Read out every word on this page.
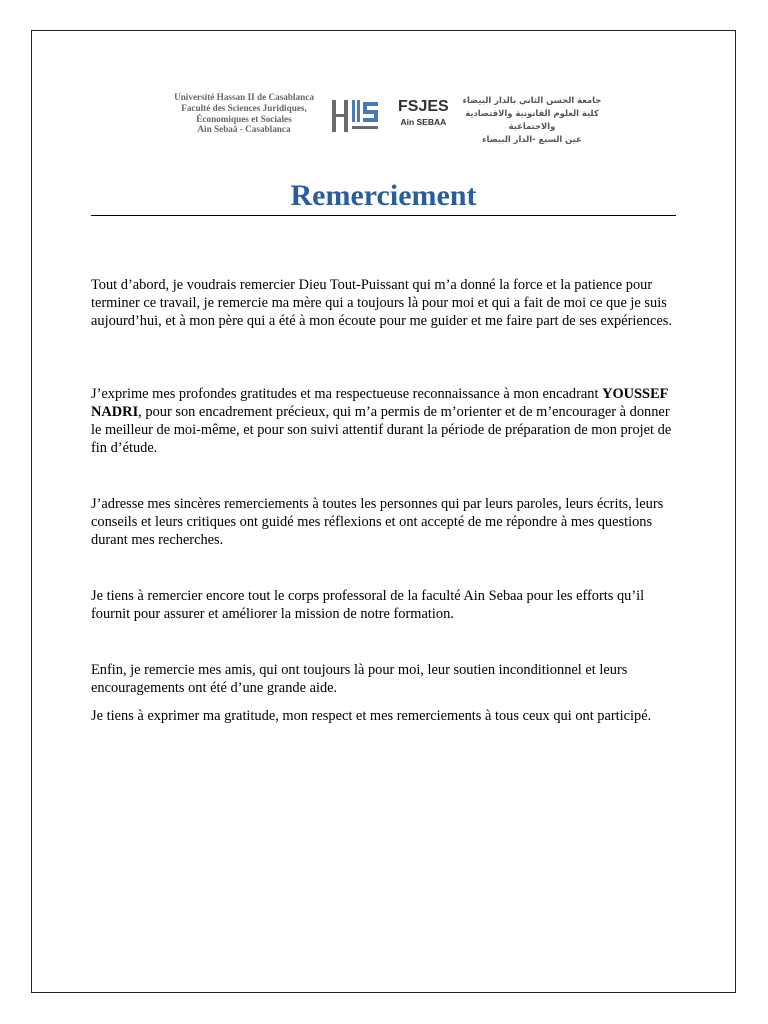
Université Hassan II de Casablanca
Faculté des Sciences Juridiques,
Économiques et Sociales
Ain Sebaâ - Casablanca
FSJES
Ain SEBAA
جامعة الحسن الثاني بالدار البيضاء
كلية العلوم القانونية والاقتصادية والاجتماعية
عين السبع -الدار البيضاء
Remerciement

Tout d’abord, je voudrais remercier Dieu Tout-Puissant qui m’a donné la force et la patience pour terminer ce travail, je remercie ma mère qui a toujours là pour moi et qui a fait de moi ce que je suis aujourd’hui, et à mon père qui a été à mon écoute pour me guider et me faire part de ses expériences.

J’exprime mes profondes gratitudes et ma respectueuse reconnaissance à mon encadrant YOUSSEF NADRI, pour son encadrement précieux, qui m’a permis de m’orienter et de m’encourager à donner le meilleur de moi-même, et pour son suivi attentif durant la période de préparation de mon projet de fin d’étude.

J’adresse mes sincères remerciements à toutes les personnes qui par leurs paroles, leurs écrits, leurs conseils et leurs critiques ont guidé mes réflexions et ont accepté de me répondre à mes questions durant mes recherches.

Je tiens à remercier encore tout le corps professoral de la faculté Ain Sebaa pour les efforts qu’il fournit pour assurer et améliorer la mission de notre formation.

Enfin, je remercie mes amis, qui ont toujours là pour moi, leur soutien inconditionnel et leurs encouragements ont été d’une grande aide.

Je tiens à exprimer ma gratitude, mon respect et mes remerciements à tous ceux qui ont participé.
